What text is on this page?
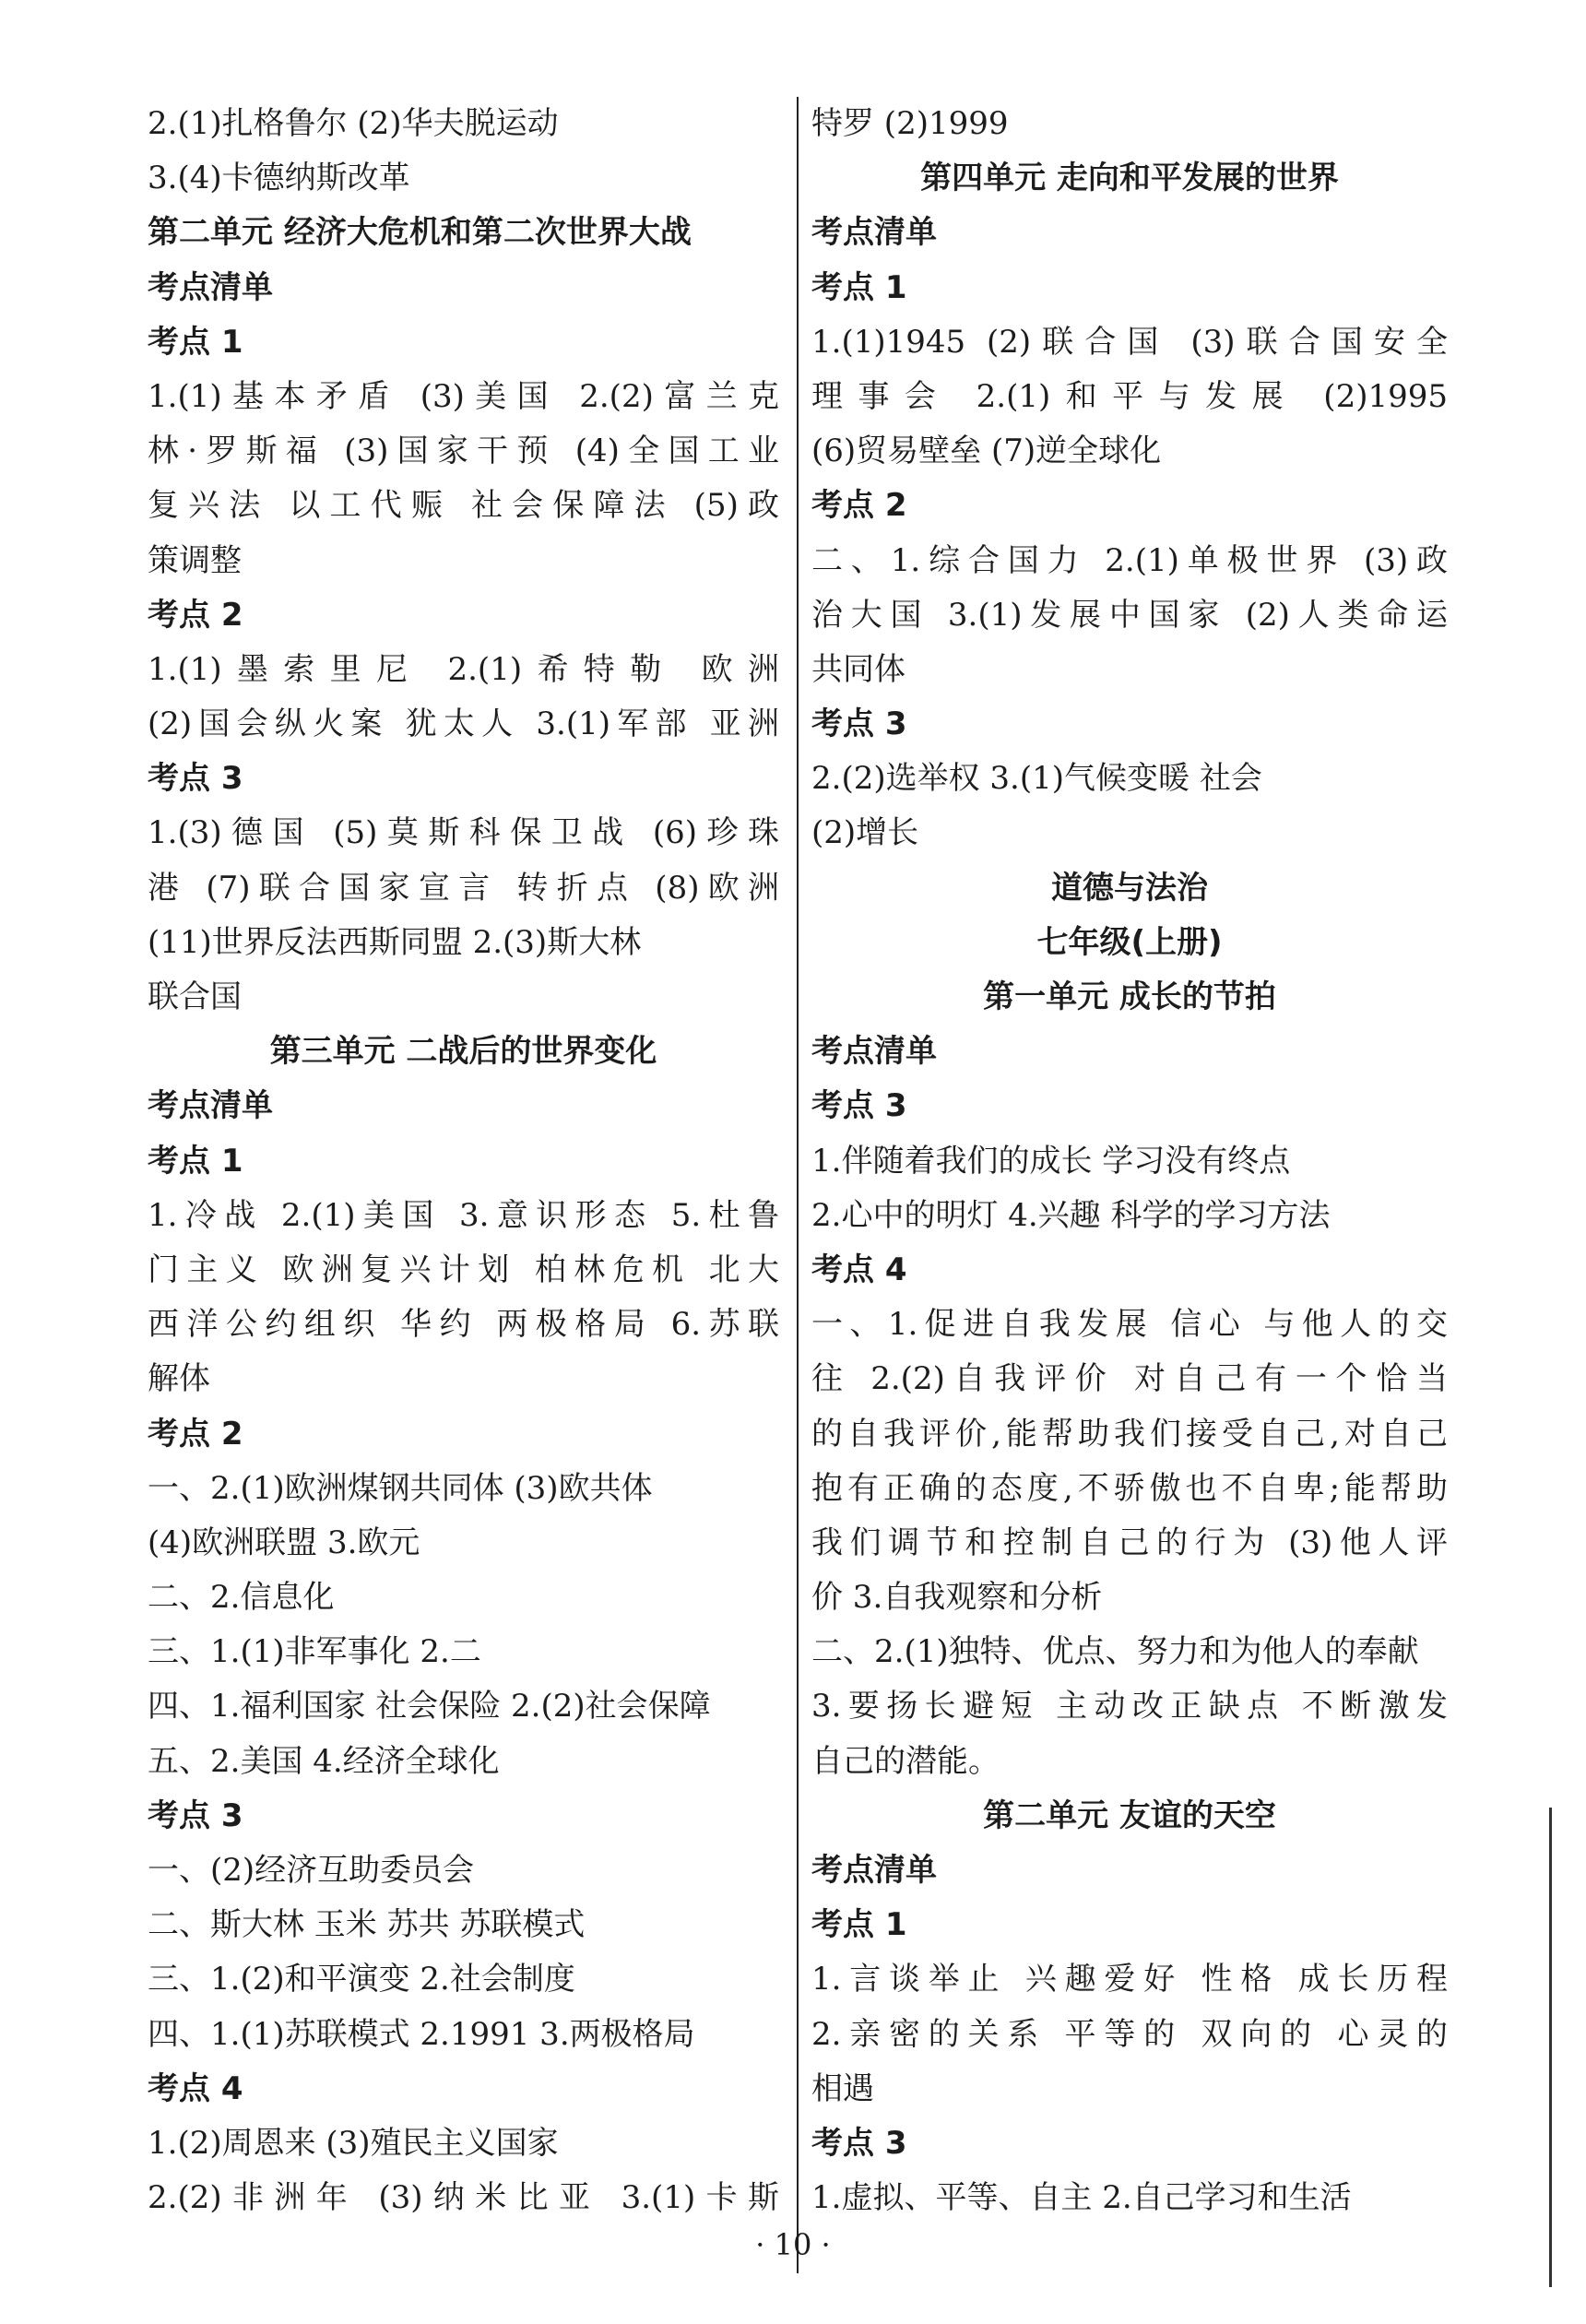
2.(1)扎格鲁尔 (2)华夫脱运动
3.(4)卡德纳斯改革
第二单元 经济大危机和第二次世界大战
考点清单
考点 1
1.(1)基本矛盾 (3)美国 2.(2)富兰克
林·罗斯福 (3)国家干预 (4)全国工业
复兴法 以工代赈 社会保障法 (5)政
策调整
考点 2
1.(1)墨索里尼 2.(1)希特勒 欧洲
(2)国会纵火案 犹太人 3.(1)军部 亚洲
考点 3
1.(3)德国 (5)莫斯科保卫战 (6)珍珠
港 (7)联合国家宣言 转折点 (8)欧洲
(11)世界反法西斯同盟 2.(3)斯大林
联合国
第三单元 二战后的世界变化
考点清单
考点 1
1.冷战 2.(1)美国 3.意识形态 5.杜鲁
门主义 欧洲复兴计划 柏林危机 北大
西洋公约组织 华约 两极格局 6.苏联
解体
考点 2
一、2.(1)欧洲煤钢共同体 (3)欧共体
(4)欧洲联盟 3.欧元
二、2.信息化
三、1.(1)非军事化 2.二
四、1.福利国家 社会保险 2.(2)社会保障
五、2.美国 4.经济全球化
考点 3
一、(2)经济互助委员会
二、斯大林 玉米 苏共 苏联模式
三、1.(2)和平演变 2.社会制度
四、1.(1)苏联模式 2.1991 3.两极格局
考点 4
1.(2)周恩来 (3)殖民主义国家
2.(2)非洲年 (3)纳米比亚 3.(1)卡斯
特罗 (2)1999
第四单元 走向和平发展的世界
考点清单
考点 1
1.(1)1945 (2)联合国 (3)联合国安全
理事会 2.(1)和平与发展 (2)1995
(6)贸易壁垒 (7)逆全球化
考点 2
二、1.综合国力 2.(1)单极世界 (3)政
治大国 3.(1)发展中国家 (2)人类命运
共同体
考点 3
2.(2)选举权 3.(1)气候变暖 社会
(2)增长
道德与法治
七年级(上册)
第一单元 成长的节拍
考点清单
考点 3
1.伴随着我们的成长 学习没有终点
2.心中的明灯 4.兴趣 科学的学习方法
考点 4
一、1.促进自我发展 信心 与他人的交
往 2.(2)自我评价 对自己有一个恰当
的自我评价,能帮助我们接受自己,对自己
抱有正确的态度,不骄傲也不自卑;能帮助
我们调节和控制自己的行为 (3)他人评
价 3.自我观察和分析
二、2.(1)独特、优点、努力和为他人的奉献
3.要扬长避短 主动改正缺点 不断激发
自己的潜能。
第二单元 友谊的天空
考点清单
考点 1
1.言谈举止 兴趣爱好 性格 成长历程
2.亲密的关系 平等的 双向的 心灵的
相遇
考点 3
1.虚拟、平等、自主 2.自己学习和生活
· 10 ·
